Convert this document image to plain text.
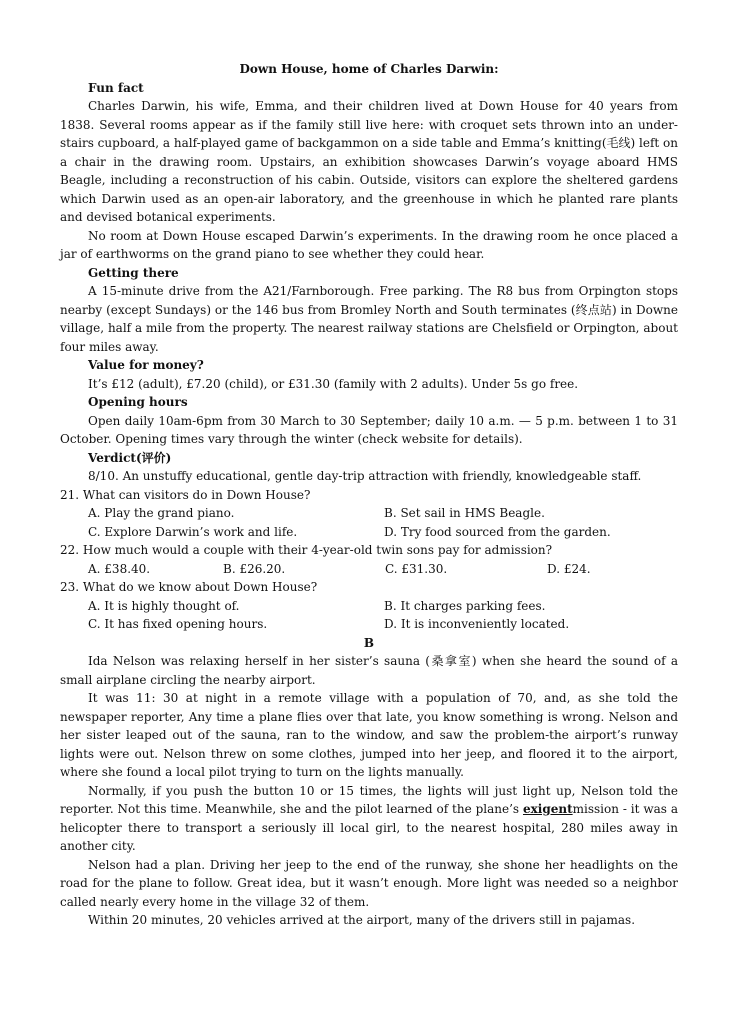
Down House, home of Charles Darwin:

Fun fact

Charles Darwin, his wife, Emma, and their children lived at Down House for 40 years from 1838. Several rooms appear as if the family still live here: with croquet sets thrown into an under-stairs cupboard, a half-played game of backgammon on a side table and Emma’s knitting(毛线) left on a chair in the drawing room. Upstairs, an exhibition showcases Darwin’s voyage aboard HMS Beagle, including a reconstruction of his cabin. Outside, visitors can explore the sheltered gardens which Darwin used as an open-air laboratory, and the greenhouse in which he planted rare plants and devised botanical experiments.

No room at Down House escaped Darwin’s experiments. In the drawing room he once placed a jar of earthworms on the grand piano to see whether they could hear.

Getting there

A 15-minute drive from the A21/Farnborough. Free parking. The R8 bus from Orpington stops nearby (except Sundays) or the 146 bus from Bromley North and South terminates (终点站) in Downe village, half a mile from the property. The nearest railway stations are Chelsfield or Orpington, about four miles away.

Value for money?

It’s £12 (adult), £7.20 (child), or £31.30 (family with 2 adults). Under 5s go free.

Opening hours

Open daily 10am-6pm from 30 March to 30 September; daily 10 a.m. — 5 p.m. between 1 to 31 October. Opening times vary through the winter (check website for details).

Verdict(评价)

8/10. An unstuffy educational, gentle day-trip attraction with friendly, knowledgeable staff.

21. What can visitors do in Down House?

A. Play the grand piano.	B. Set sail in HMS Beagle.
C. Explore Darwin’s work and life.	D. Try food sourced from the garden.

22. How much would a couple with their 4-year-old twin sons pay for admission?

A. £38.40.	B. £26.20.	C. £31.30.	D. £24.

23. What do we know about Down House?

A. It is highly thought of.	B. It charges parking fees.
C. It has fixed opening hours.	D. It is inconveniently located.

B

Ida Nelson was relaxing herself in her sister’s sauna (桑拿室) when she heard the sound of a small airplane circling the nearby airport.

It was 11: 30 at night in a remote village with a population of 70, and, as she told the newspaper reporter, Any time a plane flies over that late, you know something is wrong. Nelson and her sister leaped out of the sauna, ran to the window, and saw the problem-the airport’s runway lights were out. Nelson threw on some clothes, jumped into her jeep, and floored it to the airport, where she found a local pilot trying to turn on the lights manually.

Normally, if you push the button 10 or 15 times, the lights will just light up, Nelson told the reporter. Not this time. Meanwhile, she and the pilot learned of the plane’s exigentmission - it was a helicopter there to transport a seriously ill local girl, to the nearest hospital, 280 miles away in another city.

Nelson had a plan. Driving her jeep to the end of the runway, she shone her headlights on the road for the plane to follow. Great idea, but it wasn’t enough. More light was needed so a neighbor called nearly every home in the village 32 of them.

Within 20 minutes, 20 vehicles arrived at the airport, many of the drivers still in pajamas.
